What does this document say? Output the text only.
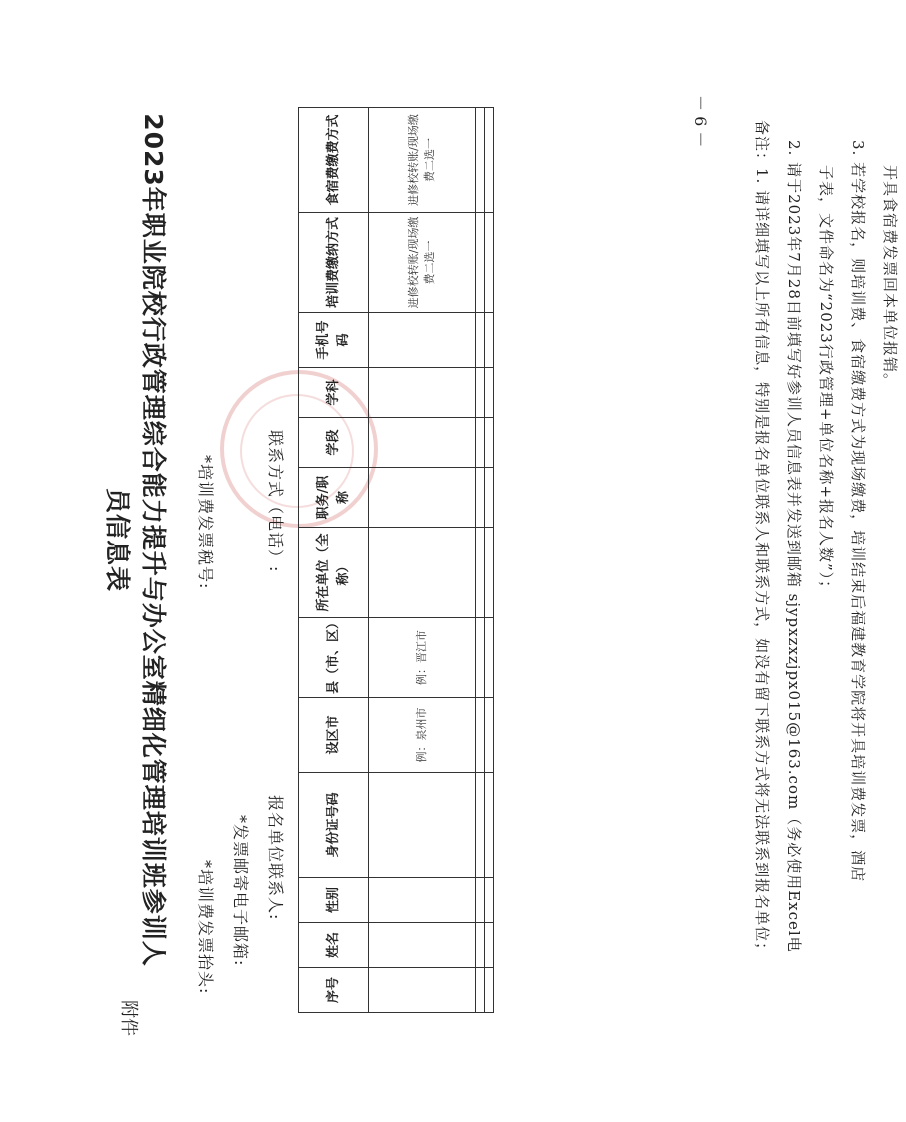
附件
2023年职业院校行政管理综合能力提升与办公室精细化管理培训班参训人员信息表
*培训费发票抬头:
*培训费发票税号:
*发票邮寄电子邮箱: 报名单位联系人:
联系方式（电话）:
序号	姓名	性别	身份证号码	设区市	县（市、区）	所在单位（全称）	职务/职称	学段	学科	手机号码	培训费缴纳方式	食宿费缴费方式
				例：泉州市	例：晋江市						进修校转账/现场缴费二选一	进修校转账/现场缴费二选一

													备注：1. 请详细填写以上所有信息，特别是报名单位联系人和联系方式，如没有留下联系方式将无法联系到报名单位； 2. 请于2023年7月28日前填写好参训人员信息表并发送到邮箱 sjypxzxzjpx015@163.com（务必使用Excel电 子表，文件命名为“2023行政管理+单位名称+报名人数”）； 3. 若学校报名，则培训费、食宿缴费方式为现场缴费，培训结束后福建教育学院将开具培训费发票，酒店 开具食宿费发票回本单位报销。
－ 6 －
